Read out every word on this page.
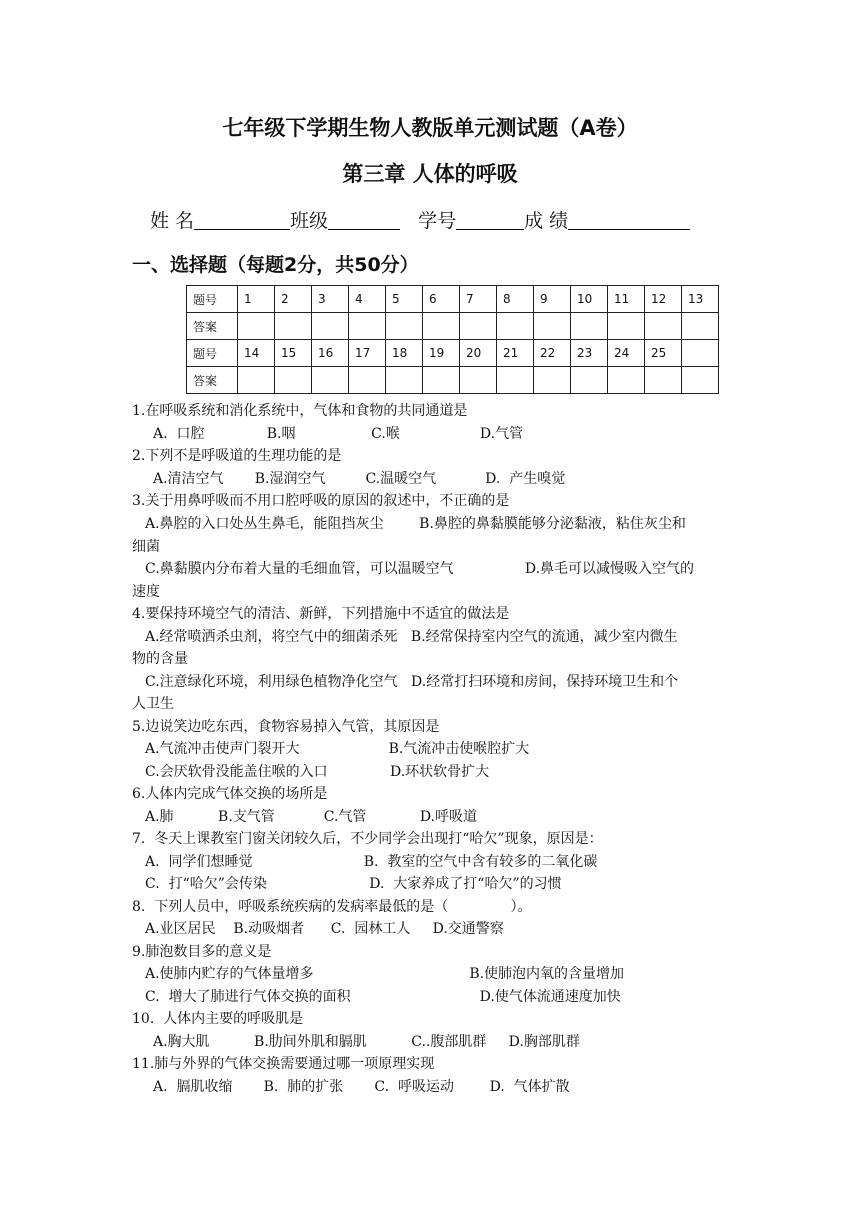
七年级下学期生物人教版单元测试题（A卷）
第三章 人体的呼吸
姓 名	班级	学号	成 绩
一、选择题（每题2分，共50分）
题号	1	2	3	4	5	6	7	8	9	10	11	12	13
答案													
题号	14	15	16	17	18	19	20	21	22	23	24	25	
答案													
1.在呼吸系统和消化系统中，气体和食物的共同通道是
A.  口腔              B.咽                 C.喉                  D.气管
2.下列不是呼吸道的生理功能的是
A.清洁空气       B.湿润空气         C.温暖空气           D.  产生嗅觉
3.关于用鼻呼吸而不用口腔呼吸的原因的叙述中，不正确的是
A.鼻腔的入口处丛生鼻毛，能阻挡灰尘        B.鼻腔的鼻黏膜能够分泌黏液，粘住灰尘和
细菌
C.鼻黏膜内分布着大量的毛细血管，可以温暖空气                D.鼻毛可以减慢吸入空气的
速度
4.要保持环境空气的清洁、新鲜，下列措施中不适宜的做法是
A.经常喷洒杀虫剂，将空气中的细菌杀死   B.经常保持室内空气的流通，减少室内微生
物的含量
C.注意绿化环境，利用绿色植物净化空气   D.经常打扫环境和房间，保持环境卫生和个
人卫生
5.边说笑边吃东西，食物容易掉入气管，其原因是
A.气流冲击使声门裂开大                    B.气流冲击使喉腔扩大
C.会厌软骨没能盖住喉的入口              D.环状软骨扩大
6.人体内完成气体交换的场所是
A.肺          B.支气管           C.气管            D.呼吸道
7.  冬天上课教室门窗关闭较久后，不少同学会出现打“哈欠”现象，原因是：
A.  同学们想睡觉                         B.  教室的空气中含有较多的二氧化碳
C.  打“哈欠”会传染                       D.  大家养成了打“哈欠”的习惯
8.  下列人员中，呼吸系统疾病的发病率最低的是（              ）。
A.业区居民    B.动吸烟者      C.  园林工人     D.交通警察
9.肺泡数目多的意义是
A.使肺内贮存的气体量增多                                   B.使肺泡内氧的含量增加
C.  增大了肺进行气体交换的面积                             D.使气体流通速度加快
10.  人体内主要的呼吸肌是
A.胸大肌          B.肋间外肌和膈肌          C..腹部肌群     D.胸部肌群
11.肺与外界的气体交换需要通过哪一项原理实现
A.  膈肌收缩       B.  肺的扩张       C.  呼吸运动        D.  气体扩散
